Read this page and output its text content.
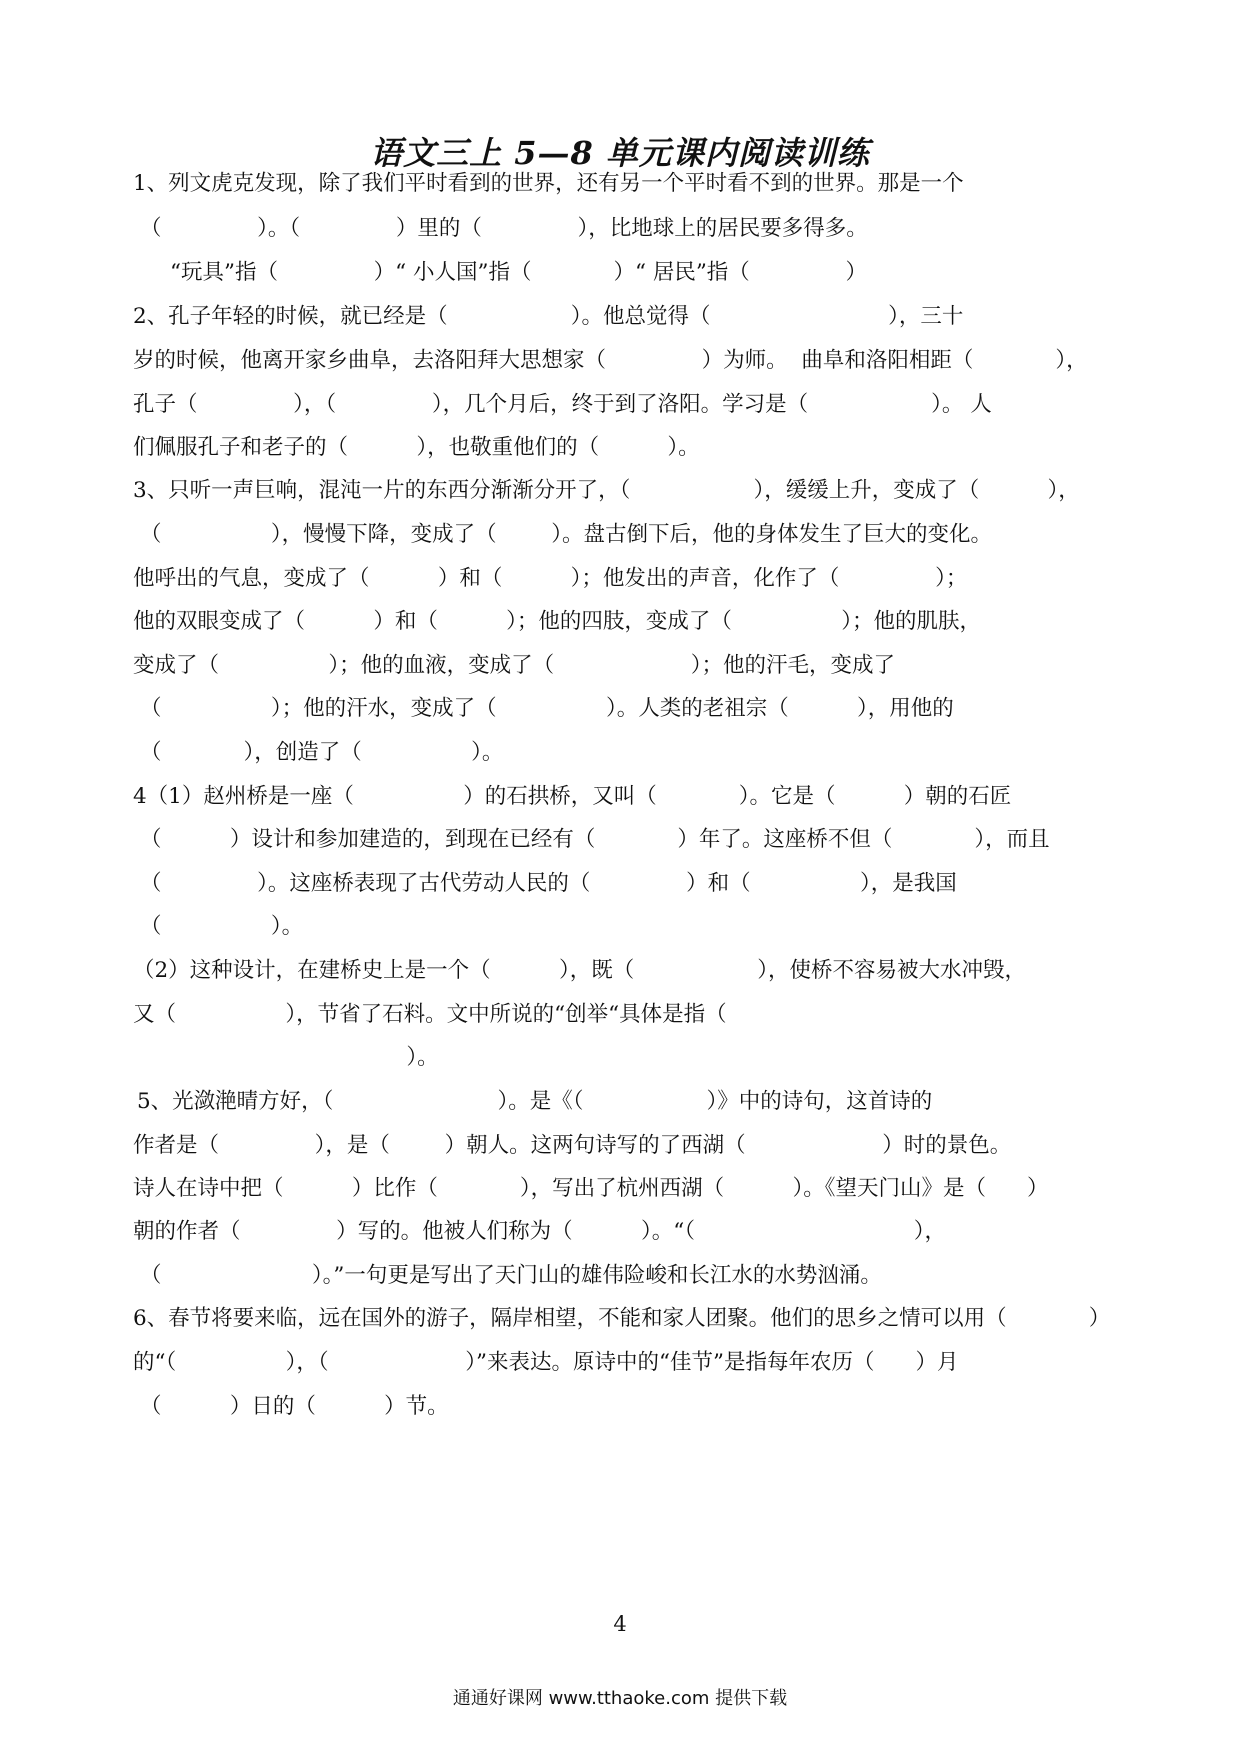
语文三上 5—8 单元课内阅读训练
1、列文虎克发现，除了我们平时看到的世界，还有另一个平时看不到的世界。那是一个
（              ）。（              ）里的（              ），比地球上的居民要多得多。
“玩具”指（              ）“ 小人国”指（            ）“ 居民”指（              ）
2、孔子年轻的时候，就已经是（                  ）。他总觉得（                          ），三十
岁的时候，他离开家乡曲阜，去洛阳拜大思想家（              ）为师。  曲阜和洛阳相距（            ），
孔子（              ），（              ），几个月后，终于到了洛阳。学习是（                  ）。 人
们佩服孔子和老子的（          ），也敬重他们的（          ）。
3、只听一声巨响，混沌一片的东西分渐渐分开了，（                  ），缓缓上升，变成了（          ），
（                ），慢慢下降，变成了（        ）。盘古倒下后，他的身体发生了巨大的变化。
他呼出的气息，变成了（          ）和（          ）；他发出的声音，化作了（              ）；
他的双眼变成了（          ）和（          ）；他的四肢，变成了（                ）；他的肌肤，
变成了（                ）；他的血液，变成了（                    ）；他的汗毛，变成了
（                ）；他的汗水，变成了（                ）。人类的老祖宗（          ），用他的
（            ），创造了（                ）。
4（1）赵州桥是一座（                ）的石拱桥，又叫（            ）。它是（          ）朝的石匠
（          ）设计和参加建造的，到现在已经有（            ）年了。这座桥不但（            ），而且
（              ）。这座桥表现了古代劳动人民的（              ）和（                ），是我国
（                ）。
（2）这种设计，在建桥史上是一个（          ），既（                  ），使桥不容易被大水冲毁，
又（                ），节省了石料。文中所说的“创举“具体是指（
）。
5、光潋滟晴方好，（                        ）。是《（                  ）》中的诗句，这首诗的
作者是（              ），是（        ）朝人。这两句诗写的了西湖（                    ）时的景色。
诗人在诗中把（          ）比作（            ），写出了杭州西湖（          ）。《望天门山》是（      ）
朝的作者（              ）写的。他被人们称为（          ）。“（                                ），
（                      ）。”一句更是写出了天门山的雄伟险峻和长江水的水势汹涌。
6、春节将要来临，远在国外的游子，隔岸相望，不能和家人团聚。他们的思乡之情可以用（            ）
的“（                ），（                    ）”来表达。原诗中的“佳节”是指每年农历（      ）月
（          ）日的（          ）节。
4
通通好课网 www.tthaoke.com 提供下载
